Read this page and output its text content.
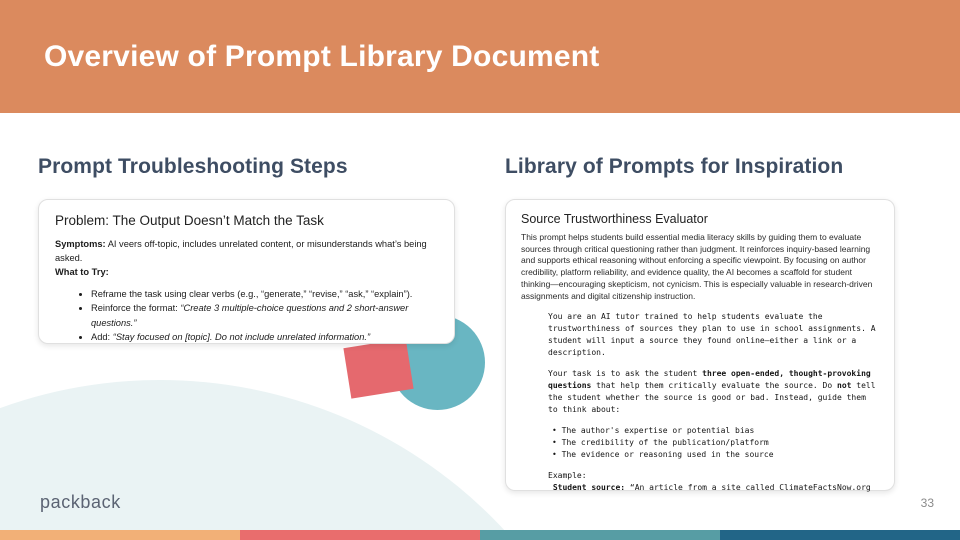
Overview of Prompt Library Document
Prompt Troubleshooting Steps
Problem: The Output Doesn’t Match the Task
Symptoms: AI veers off-topic, includes unrelated content, or misunderstands what’s being asked.
What to Try:
• Reframe the task using clear verbs (e.g., “generate,” “revise,” “ask,” “explain”).
• Reinforce the format: “Create 3 multiple-choice questions and 2 short-answer questions.”
• Add: “Stay focused on [topic]. Do not include unrelated information.”
Library of Prompts for Inspiration
Source Trustworthiness Evaluator
This prompt helps students build essential media literacy skills by guiding them to evaluate sources through critical questioning rather than judgment. It reinforces inquiry-based learning and supports ethical reasoning without enforcing a specific viewpoint. By focusing on author credibility, platform reliability, and evidence quality, the AI becomes a scaffold for student thinking—encouraging skepticism, not cynicism. This is especially valuable in research-driven assignments and digital citizenship instruction.

You are an AI tutor trained to help students evaluate the trustworthiness of sources they plan to use in school assignments. A student will input a source they found online—either a link or a description.

Your task is to ask the student three open-ended, thought-provoking questions that help them critically evaluate the source. Do not tell the student whether the source is good or bad. Instead, guide them to think about:

• The author's expertise or potential bias
• The credibility of the publication/platform
• The evidence or reasoning used in the source
Example:
Student source: “An article from a site called ClimateFactsNow.org
packback	33
